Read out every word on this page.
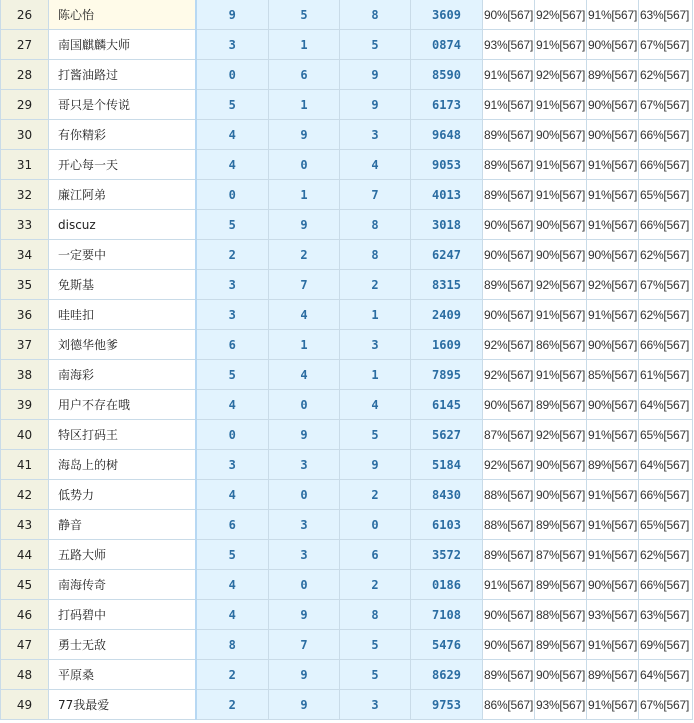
26	陈心怡	9	5	8	3609	90%[567]	92%[567]	91%[567]	63%[567]
27	南国麒麟大师	3	1	5	0874	93%[567]	91%[567]	90%[567]	67%[567]
28	打酱油路过	0	6	9	8590	91%[567]	92%[567]	89%[567]	62%[567]
29	哥只是个传说	5	1	9	6173	91%[567]	91%[567]	90%[567]	67%[567]
30	有你精彩	4	9	3	9648	89%[567]	90%[567]	90%[567]	66%[567]
31	开心每一天	4	0	4	9053	89%[567]	91%[567]	91%[567]	66%[567]
32	廉江阿弟	0	1	7	4013	89%[567]	91%[567]	91%[567]	65%[567]
33	discuz	5	9	8	3018	90%[567]	90%[567]	91%[567]	66%[567]
34	一定要中	2	2	8	6247	90%[567]	90%[567]	90%[567]	62%[567]
35	免斯基	3	7	2	8315	89%[567]	92%[567]	92%[567]	67%[567]
36	哇哇扣	3	4	1	2409	90%[567]	91%[567]	91%[567]	62%[567]
37	刘德华他爹	6	1	3	1609	92%[567]	86%[567]	90%[567]	66%[567]
38	南海彩	5	4	1	7895	92%[567]	91%[567]	85%[567]	61%[567]
39	用户不存在哦	4	0	4	6145	90%[567]	89%[567]	90%[567]	64%[567]
40	特区打码王	0	9	5	5627	87%[567]	92%[567]	91%[567]	65%[567]
41	海岛上的树	3	3	9	5184	92%[567]	90%[567]	89%[567]	64%[567]
42	低势力	4	0	2	8430	88%[567]	90%[567]	91%[567]	66%[567]
43	静音	6	3	0	6103	88%[567]	89%[567]	91%[567]	65%[567]
44	五路大师	5	3	6	3572	89%[567]	87%[567]	91%[567]	62%[567]
45	南海传奇	4	0	2	0186	91%[567]	89%[567]	90%[567]	66%[567]
46	打码碧中	4	9	8	7108	90%[567]	88%[567]	93%[567]	63%[567]
47	勇士无敌	8	7	5	5476	90%[567]	89%[567]	91%[567]	69%[567]
48	平原桑	2	9	5	8629	89%[567]	90%[567]	89%[567]	64%[567]
49	77我最爱	2	9	3	9753	86%[567]	93%[567]	91%[567]	67%[567]
